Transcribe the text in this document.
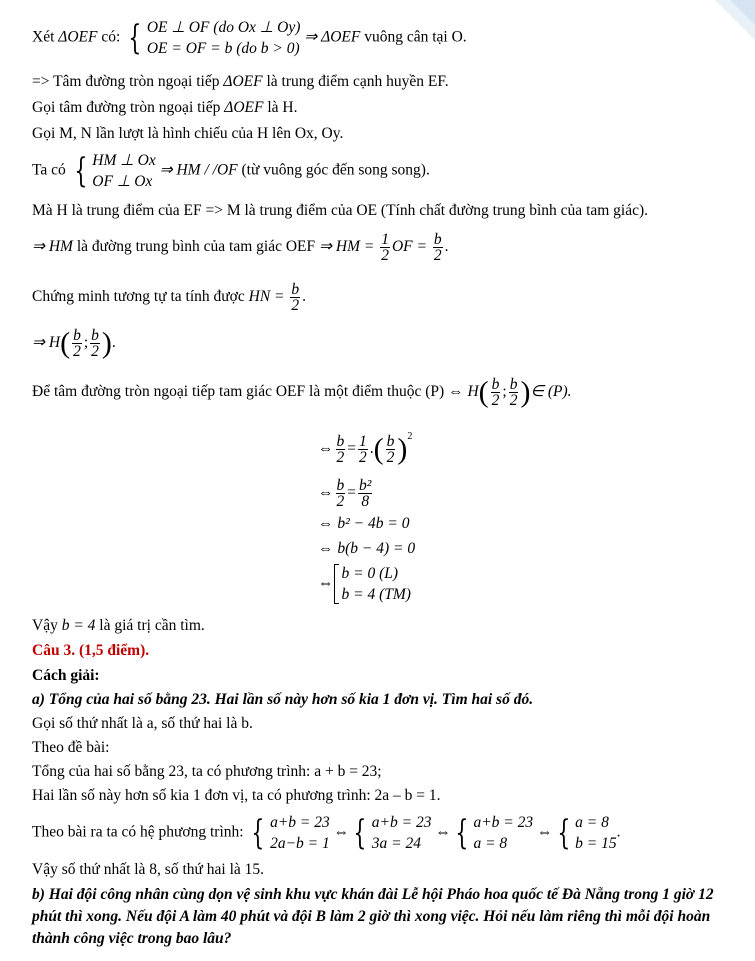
Xét ΔOEF có: { OE ⊥ OF (do Ox ⊥ Oy)
OE = OF = b (do b > 0)
⇒ ΔOEF vuông cân tại O.
=> Tâm đường tròn ngoại tiếp ΔOEF là trung điểm cạnh huyền EF.
Gọi tâm đường tròn ngoại tiếp ΔOEF là H.
Gọi M, N lần lượt là hình chiếu của H lên Ox, Oy.
Ta có { HM ⊥ Ox
OF ⊥ Ox
⇒ HM / /OF (từ vuông góc đến song song).
Mà H là trung điểm của EF => M là trung điểm của OE (Tính chất đường trung bình của tam giác).
⇒ HM là đường trung bình của tam giác OEF ⇒ HM = $\frac{1}{2}$ OF = $\frac{b}{2}$ .
Chứng minh tương tự ta tính được HN = $\frac{b}{2}$ .
⇒ $H( \frac{b}{2}$ ; $\frac{b}{2}$ ).
Để tâm đường tròn ngoại tiếp tam giác OEF là một điểm thuộc (P) ⇔ $H( \frac{b}{2}$ ; $\frac{b}{2}$ )∈ (P).
⇔ $\frac{b}{2} = \frac{1}{2}$ .( $\frac{b}{2} )^2$
⇔ $\frac{b}{2} = \frac{\text{b²}}{8}$
⇔ b² − 4b = 0
⇔ b(b − 4) = 0
⇔
b = 0 (L)
b = 4 (TM)
Vậy b = 4 là giá trị cần tìm.
Câu 3. (1,5 điểm).
Cách giải:
a) Tổng của hai số bằng 23. Hai lần số này hơn số kia 1 đơn vị. Tìm hai số đó.
Gọi số thứ nhất là a, số thứ hai là b.
Theo đề bài:
Tổng của hai số bằng 23, ta có phương trình: a + b = 23;
Hai lần số này hơn số kia 1 đơn vị, ta có phương trình: 2a – b = 1.
Theo bài ra ta có hệ phương trình: { a+b = 23
2a−b = 1
⇔ { a+b = 23
3a = 24
⇔ { a+b = 23
a = 8
⇔ { a = 8
b = 15
.
Vậy số thứ nhất là 8, số thứ hai là 15.
b) Hai đội công nhân cùng dọn vệ sinh khu vực khán đài Lễ hội Pháo hoa quốc tế Đà Nẵng trong 1 giờ 12 phút thì xong. Nếu đội A làm 40 phút và đội B làm 2 giờ thì xong việc. Hỏi nếu làm riêng thì mỗi đội hoàn thành công việc trong bao lâu?
